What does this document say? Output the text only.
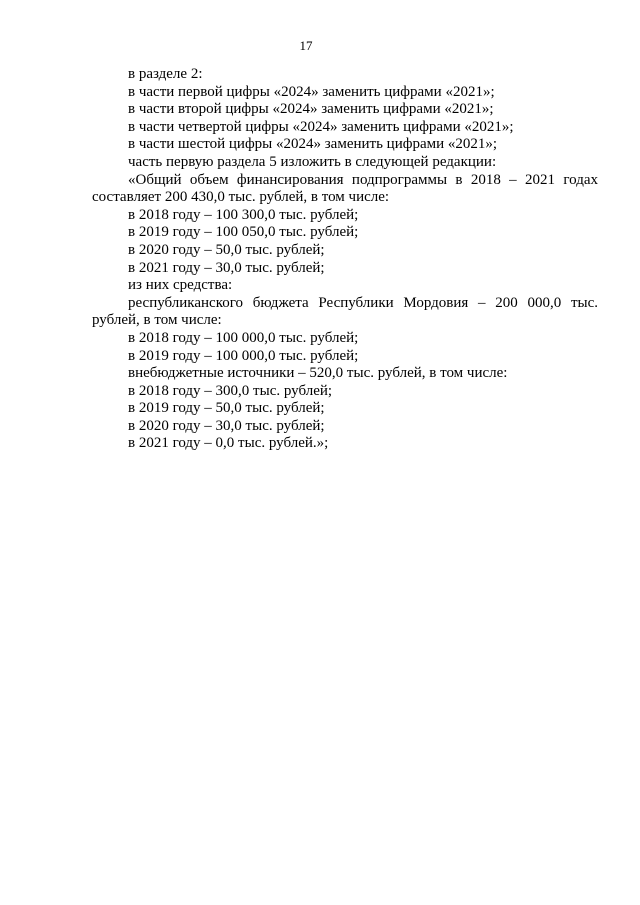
17

в разделе 2:

в части первой цифры «2024» заменить цифрами «2021»;

в части второй цифры «2024» заменить цифрами «2021»;

в части четвертой цифры «2024» заменить цифрами «2021»;

в части шестой цифры «2024» заменить цифрами «2021»;

часть первую раздела 5 изложить в следующей редакции:

«Общий объем финансирования подпрограммы в 2018 – 2021 годах составляет 200 430,0 тыс. рублей, в том числе:

в 2018 году – 100 300,0 тыс. рублей;

в 2019 году – 100 050,0 тыс. рублей;

в 2020 году – 50,0 тыс. рублей;

в 2021 году – 30,0 тыс. рублей;

из них средства:

республиканского бюджета Республики Мордовия – 200 000,0 тыс. рублей, в том числе:

в 2018 году – 100 000,0 тыс. рублей;

в 2019 году – 100 000,0 тыс. рублей;

внебюджетные источники – 520,0 тыс. рублей, в том числе:

в 2018 году – 300,0 тыс. рублей;

в 2019 году – 50,0 тыс. рублей;

в 2020 году – 30,0 тыс. рублей;

в 2021 году – 0,0 тыс. рублей.»;
